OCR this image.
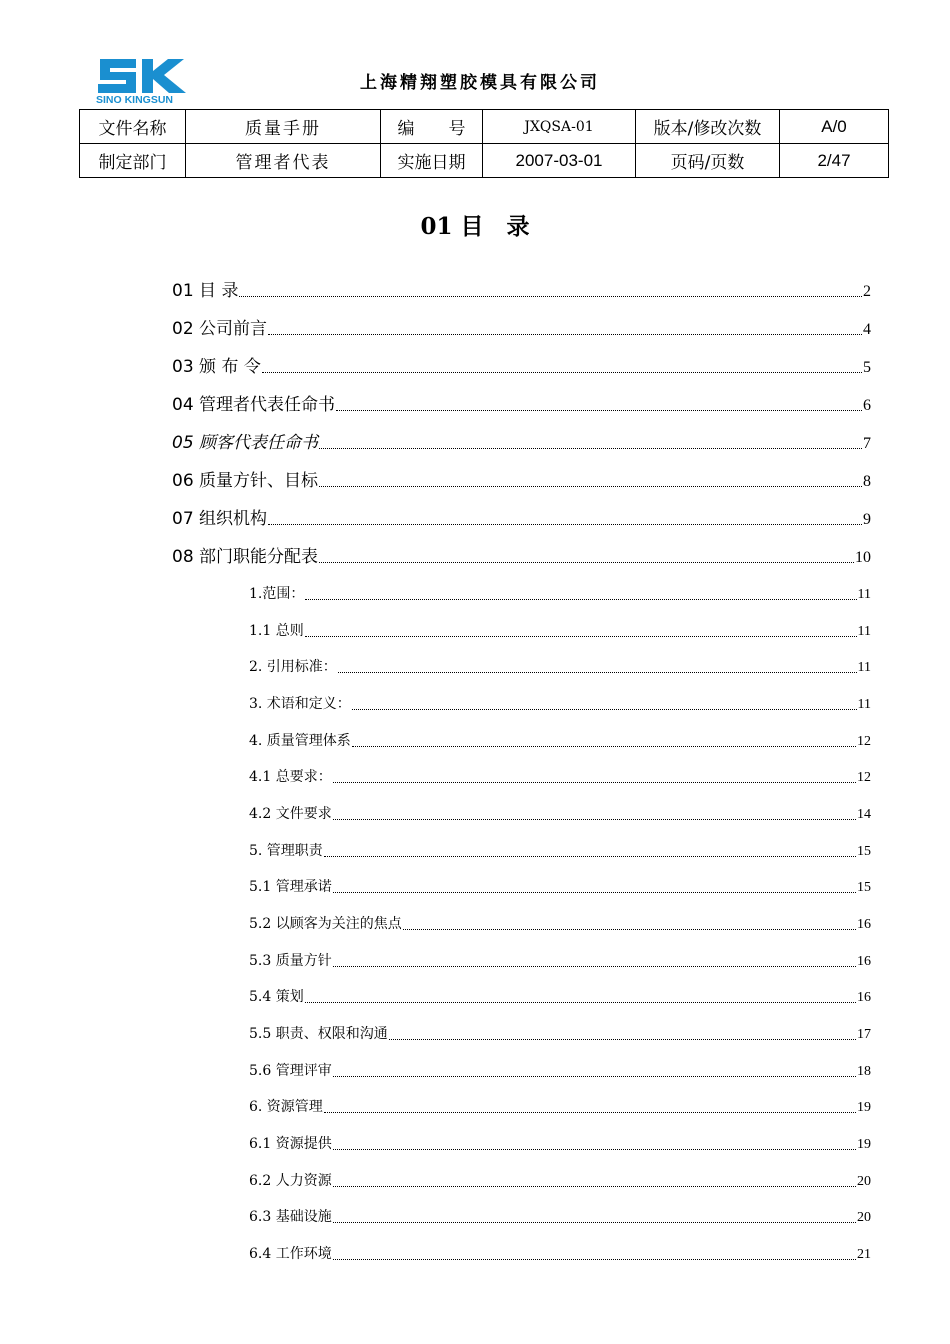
SINO KINGSUN
上海精翔塑胶模具有限公司
文件名称	质量手册	编　　号	JXQSA-01	版本/修改次数	A/0
制定部门	管理者代表	实施日期	2007-03-01	页码/页数	2/47
01 目　录
01 目 录	2
02 公司前言	4
03 颁 布 令	5
04 管理者代表任命书	6
05 顾客代表任命书	7
06 质量方针、目标	8
07 组织机构	9
08 部门职能分配表	10
1.范围：	11
1.1 总则	11
2. 引用标准：	11
3. 术语和定义：	11
4. 质量管理体系	12
4.1 总要求：	12
4.2 文件要求	14
5. 管理职责	15
5.1 管理承诺	15
5.2 以顾客为关注的焦点	16
5.3 质量方针	16
5.4 策划	16
5.5 职责、权限和沟通	17
5.6 管理评审	18
6. 资源管理	19
6.1 资源提供	19
6.2 人力资源	20
6.3 基础设施	20
6.4 工作环境	21
